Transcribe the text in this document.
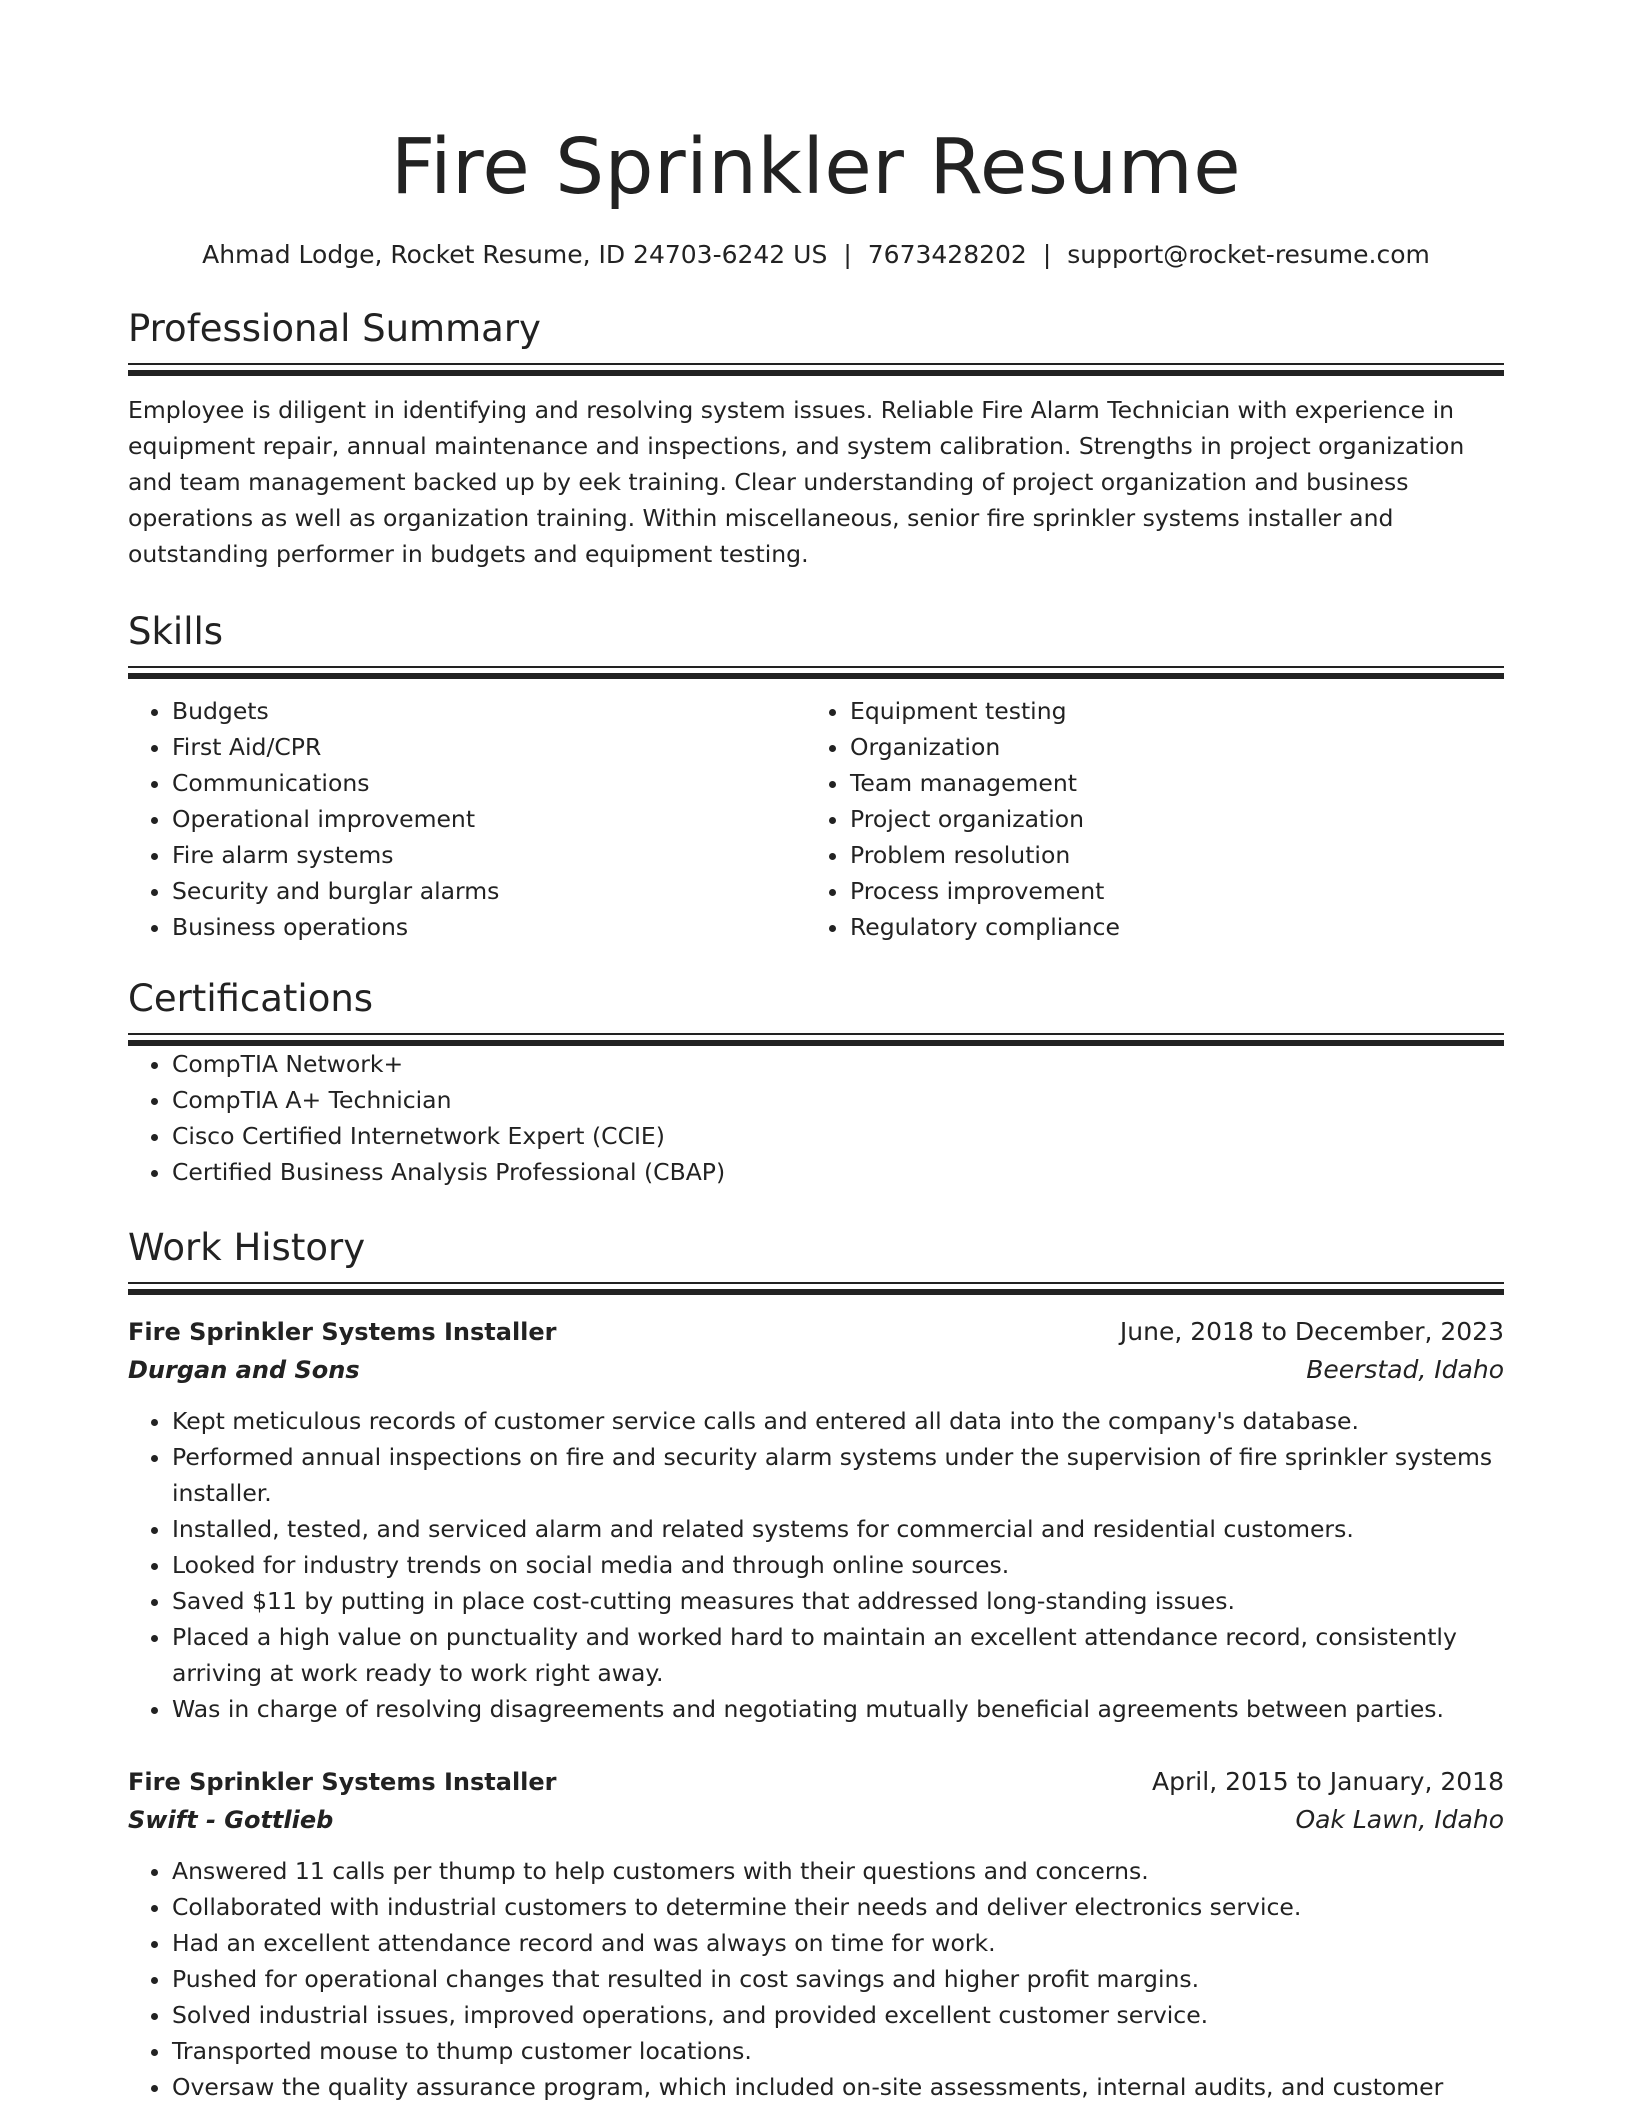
Fire Sprinkler Resume
Ahmad Lodge, Rocket Resume, ID 24703-6242 US | 7673428202 | support@rocket-resume.com
Professional Summary

Employee is diligent in identifying and resolving system issues. Reliable Fire Alarm Technician with experience in equipment repair, annual maintenance and inspections, and system calibration. Strengths in project organization and team management backed up by eek training. Clear understanding of project organization and business operations as well as organization training. Within miscellaneous, senior fire sprinkler systems installer and outstanding performer in budgets and equipment testing.

Skills
• Budgets
• First Aid/CPR
• Communications
• Operational improvement
• Fire alarm systems
• Security and burglar alarms
• Business operations
• Equipment testing
• Organization
• Team management
• Project organization
• Problem resolution
• Process improvement
• Regulatory compliance
Certifications
• CompTIA Network+
• CompTIA A+ Technician
• Cisco Certified Internetwork Expert (CCIE)
• Certified Business Analysis Professional (CBAP)
Work History
Fire Sprinkler Systems Installer	June, 2018 to December, 2023
Durgan and Sons	Beerstad, Idaho
• Kept meticulous records of customer service calls and entered all data into the company's database.
• Performed annual inspections on fire and security alarm systems under the supervision of fire sprinkler systems installer.
• Installed, tested, and serviced alarm and related systems for commercial and residential customers.
• Looked for industry trends on social media and through online sources.
• Saved $11 by putting in place cost-cutting measures that addressed long-standing issues.
• Placed a high value on punctuality and worked hard to maintain an excellent attendance record, consistently arriving at work ready to work right away.
• Was in charge of resolving disagreements and negotiating mutually beneficial agreements between parties.
Fire Sprinkler Systems Installer	April, 2015 to January, 2018
Swift - Gottlieb	Oak Lawn, Idaho
• Answered 11 calls per thump to help customers with their questions and concerns.
• Collaborated with industrial customers to determine their needs and deliver electronics service.
• Had an excellent attendance record and was always on time for work.
• Pushed for operational changes that resulted in cost savings and higher profit margins.
• Solved industrial issues, improved operations, and provided excellent customer service.
• Transported mouse to thump customer locations.
• Oversaw the quality assurance program, which included on-site assessments, internal audits, and customer
